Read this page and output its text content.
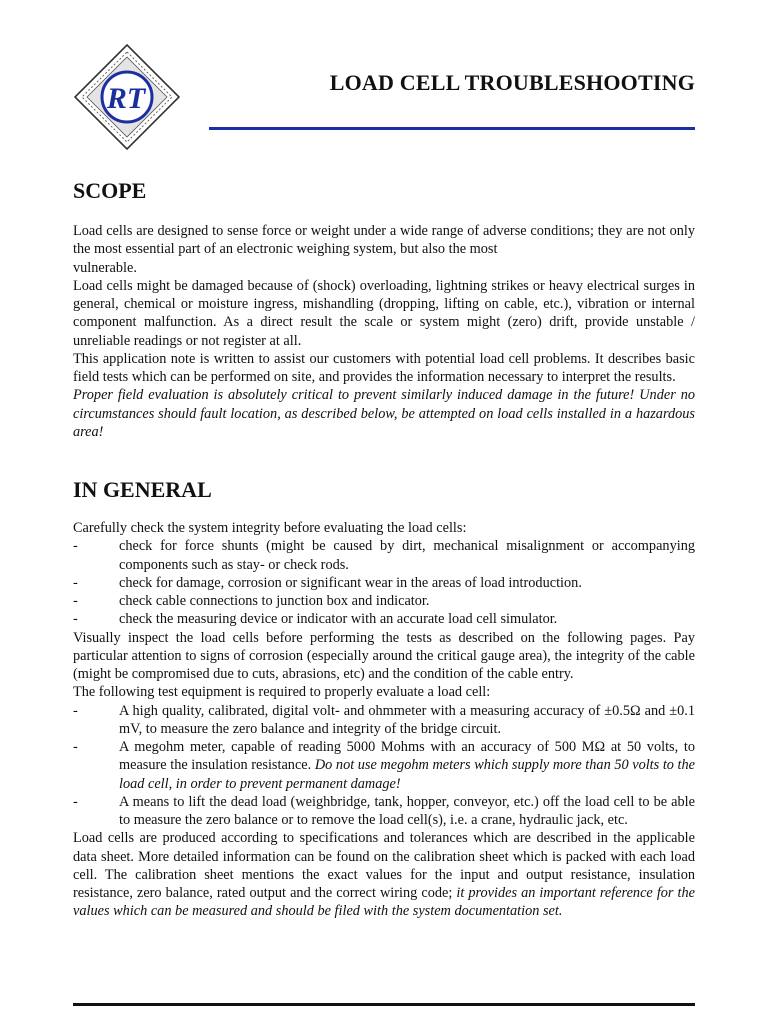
RT	LOAD CELL TROUBLESHOOTING
SCOPE

Load cells are designed to sense force or weight under a wide range of adverse conditions; they are not only the most essential part of an electronic weighing system, but also the most

vulnerable.

Load cells might be damaged because of (shock) overloading, lightning strikes or heavy electrical surges in general, chemical or moisture ingress, mishandling (dropping, lifting on cable, etc.), vibration or internal component malfunction. As a direct result the scale or system might (zero) drift, provide unstable / unreliable readings or not register at all.

This application note is written to assist our customers with potential load cell problems. It describes basic field tests which can be performed on site, and provides the information necessary to interpret the results.

Proper field evaluation is absolutely critical to prevent similarly induced damage in the future! Under no circumstances should fault location, as described below, be attempted on load cells installed in a hazardous area!

IN GENERAL

Carefully check the system integrity before evaluating the load cells:

-	check for force shunts (might be caused by dirt, mechanical misalignment or accompanying components such as stay- or check rods.
-	check for damage, corrosion or significant wear in the areas of load introduction.
-	check cable connections to junction box and indicator.
-	check the measuring device or indicator with an accurate load cell simulator.

Visually inspect the load cells before performing the tests as described on the following pages. Pay particular attention to signs of corrosion (especially around the critical gauge area), the integrity of the cable (might be compromised due to cuts, abrasions, etc) and the condition of the cable entry.

The following test equipment is required to properly evaluate a load cell:

-	A high quality, calibrated, digital volt- and ohmmeter with a measuring accuracy of ±0.5Ω and ±0.1 mV, to measure the zero balance and integrity of the bridge circuit.
-	A megohm meter, capable of reading 5000 Mohms with an accuracy of 500 MΩ at 50 volts, to measure the insulation resistance. Do not use megohm meters which supply more than 50 volts to the load cell, in order to prevent permanent damage!
-	A means to lift the dead load (weighbridge, tank, hopper, conveyor, etc.) off the load cell to be able to measure the zero balance or to remove the load cell(s), i.e. a crane, hydraulic jack, etc.

Load cells are produced according to specifications and tolerances which are described in the applicable data sheet. More detailed information can be found on the calibration sheet which is packed with each load cell. The calibration sheet mentions the exact values for the input and output resistance, insulation resistance, zero balance, rated output and the correct wiring code; it provides an important reference for the values which can be measured and should be filed with the system documentation set.
